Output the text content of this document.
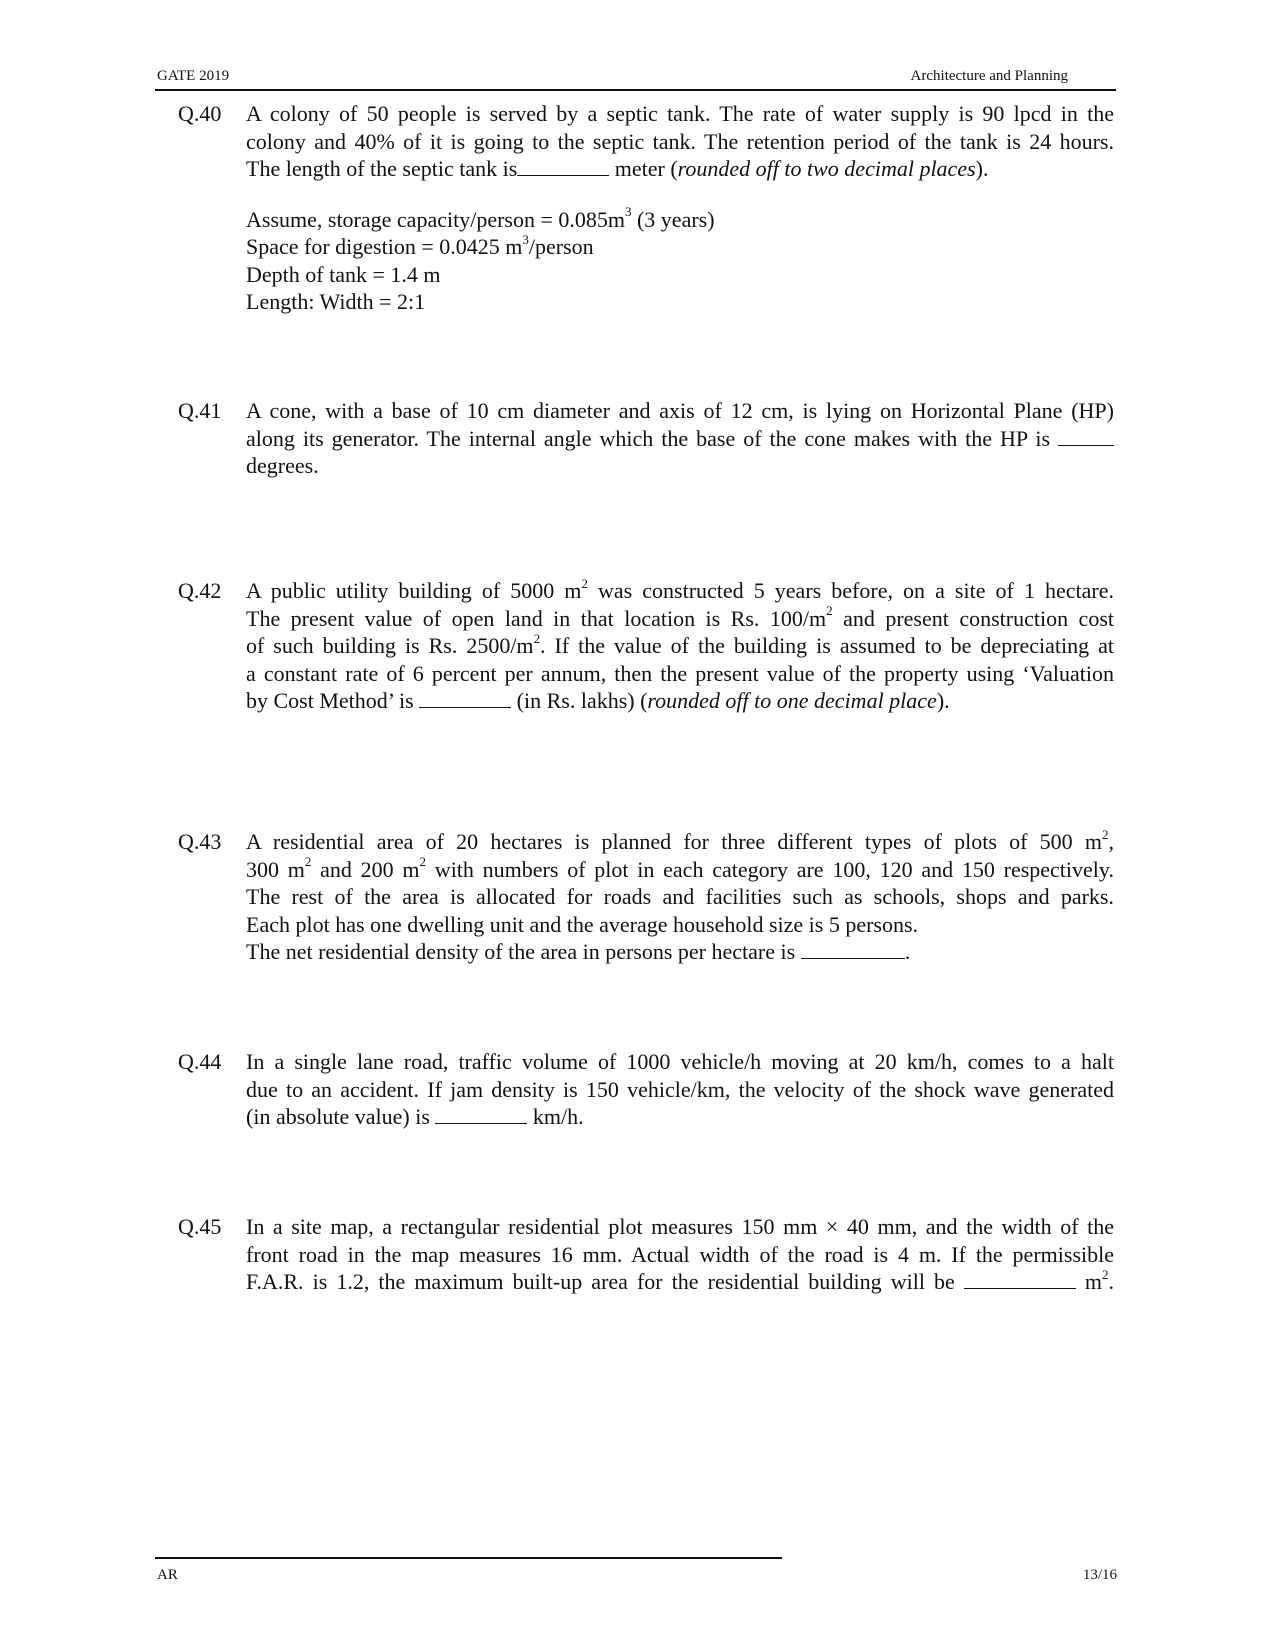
GATE 2019	Architecture and Planning
Q.40	A colony of 50 people is served by a septic tank. The rate of water supply is 90 lpcd in the
colony and 40% of it is going to the septic tank. The retention period of the tank is 24 hours.
The length of the septic tank is	meter (rounded off to two decimal places).
Assume, storage capacity/person = $0.085m^3$ (3 years)
Space for digestion = 0.0425 $m^3$/person
Depth of tank = 1.4 m
Length: Width = 2:1
Q.41	A cone, with a base of 10 cm diameter and axis of 12 cm, is lying on Horizontal Plane (HP)
along its generator. The internal angle which the base of the cone makes with the HP is
degrees.
Q.42	A public utility building of 5000 $m^2$ was constructed 5 years before, on a site of 1 hectare.
The present value of open land in that location is Rs. $100/m^2$ and present construction cost
of such building is Rs. $2500/m^2$. If the value of the building is assumed to be depreciating at
a constant rate of 6 percent per annum, then the present value of the property using ‘Valuation
by Cost Method’ is	(in Rs. lakhs) (rounded off to one decimal place).
Q.43	A residential area of 20 hectares is planned for three different types of plots of 500 $m^2$,
300 $m^2$ and 200 $m^2$ with numbers of plot in each category are 100, 120 and 150 respectively.
The rest of the area is allocated for roads and facilities such as schools, shops and parks.
Each plot has one dwelling unit and the average household size is 5 persons.
The net residential density of the area in persons per hectare is	.
Q.44	In a single lane road, traffic volume of 1000 vehicle/h moving at 20 km/h, comes to a halt
due to an accident. If jam density is 150 vehicle/km, the velocity of the shock wave generated
(in absolute value) is	km/h.
Q.45	In a site map, a rectangular residential plot measures 150 mm × 40 mm, and the width of the
front road in the map measures 16 mm. Actual width of the road is 4 m. If the permissible
F.A.R. is 1.2, the maximum built-up area for the residential building will be	$m^2$.
AR	13/16
